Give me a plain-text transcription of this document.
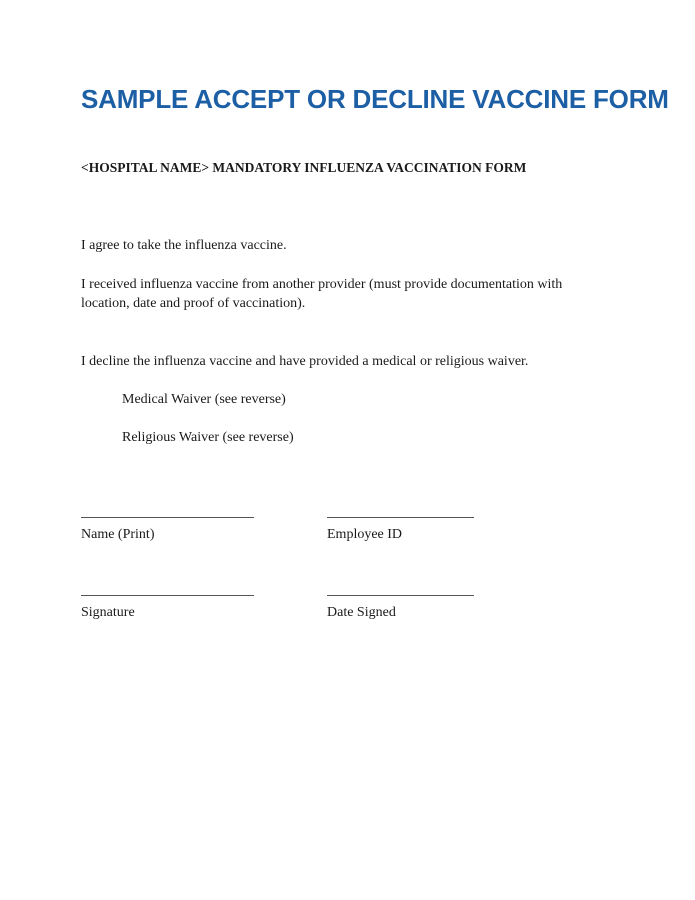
SAMPLE ACCEPT OR DECLINE VACCINE FORM
<HOSPITAL NAME> MANDATORY INFLUENZA VACCINATION FORM

I agree to take the influenza vaccine.

I received influenza vaccine from another provider (must provide documentation with location, date and proof of vaccination).

I decline the influenza vaccine and have provided a medical or religious waiver.

Medical Waiver (see reverse)

Religious Waiver (see reverse)

Name (Print)	Employee ID
Signature	Date Signed
